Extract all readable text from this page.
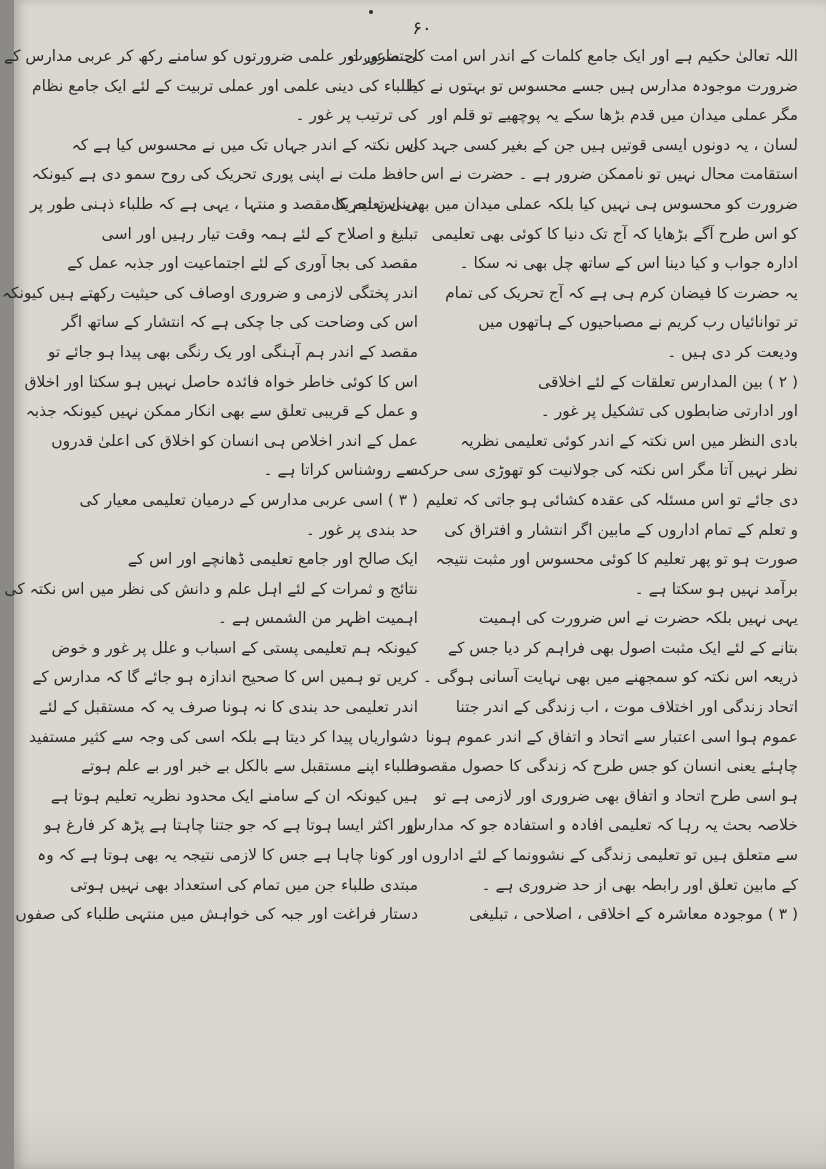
۶۰
اللہ تعالیٰ حکیم ہے اور ایک جامع کلمات کے اندر اس امت کی ضرورت
ضرورت موجودہ مدارس ہیں جسے محسوس تو بہتوں نے کیا
مگر عملی میدان میں قدم بڑھا سکے یہ پوچھیے تو قلم اور
لسان ، یہ دونوں ایسی قوتیں ہیں جن کے بغیر کسی جہد کی
استقامت محال نہیں تو ناممکن ضرور ہے ۔ حضرت نے اس
ضرورت کو محسوس ہی نہیں کیا بلکہ عملی میدان میں بھی اس تحریک
کو اس طرح آگے بڑھایا کہ آج تک دنیا کا کوئی بھی تعلیمی
ادارہ جواب و کیا دینا اس کے ساتھ چل بھی نہ سکا ۔
یہ حضرت کا فیضان کرم ہی ہے کہ آج تحریک کی تمام
تر توانائیاں رب کریم نے مصباحیوں کے ہاتھوں میں
ودیعت کر دی ہیں ۔
( ۲ ) بین المدارس تعلقات کے لئے اخلاقی
اور ادارتی ضابطوں کی تشکیل پر غور ۔
بادی النظر میں اس نکتہ کے اندر کوئی تعلیمی نظریہ
نظر نہیں آتا مگر اس نکتہ کی جولانیت کو تھوڑی سی حرکت
دی جائے تو اس مسئلہ کی عقدہ کشائی ہو جاتی کہ تعلیم
و تعلم کے تمام اداروں کے مابین اگر انتشار و افتراق کی
صورت ہو تو پھر تعلیم کا کوئی محسوس اور مثبت نتیجہ
برآمد نہیں ہو سکتا ہے ۔
یہی نہیں بلکہ حضرت نے اس ضرورت کی اہمیت
بتانے کے لئے ایک مثبت اصول بھی فراہم کر دیا جس کے
ذریعہ اس نکتہ کو سمجھنے میں بھی نہایت آسانی ہوگی ۔
اتحاد زندگی اور اختلاف موت ، اب زندگی کے اندر جتنا
عموم ہوا اسی اعتبار سے اتحاد و اتفاق کے اندر عموم ہونا
چاہئے یعنی انسان کو جس طرح کہ زندگی کا حصول مقصود
ہو اسی طرح اتحاد و اتفاق بھی ضروری اور لازمی ہے تو
خلاصہ بحث یہ رہا کہ تعلیمی افادہ و استفادہ جو کہ مدارس
سے متعلق ہیں تو تعلیمی زندگی کے نشوونما کے لئے اداروں
کے مابین تعلق اور رابطہ بھی از حد ضروری ہے ۔
( ۳ ) موجودہ معاشرہ کے اخلاقی ، اصلاحی ، تبلیغی
اجتماعی اور علمی ضرورتوں کو سامنے رکھ کر عربی مدارس کے
طلباء کی دینی علمی اور عملی تربیت کے لئے ایک جامع نظام
کی ترتیب پر غور ۔
اس نکتہ کے اندر جہاں تک میں نے محسوس کیا ہے کہ
حافظ ملت نے اپنی پوری تحریک کی روح سمو دی ہے کیونکہ
دینی تعلیم کا مقصد و منتہا ، یہی ہے کہ طلباء ذہنی طور پر
تبلیغ و اصلاح کے لئے ہمہ وقت تیار رہیں اور اسی
مقصد کی بجا آوری کے لئے اجتماعیت اور جذبہ عمل کے
اندر پختگی لازمی و ضروری اوصاف کی حیثیت رکھتے ہیں کیونکہ
اس کی وضاحت کی جا چکی ہے کہ انتشار کے ساتھ اگر
مقصد کے اندر ہم آہنگی اور یک رنگی بھی پیدا ہو جائے تو
اس کا کوئی خاطر خواہ فائدہ حاصل نہیں ہو سکتا اور اخلاق
و عمل کے قریبی تعلق سے بھی انکار ممکن نہیں کیونکہ جذبہ
عمل کے اندر اخلاص ہی انسان کو اخلاق کی اعلیٰ قدروں
سے روشناس کراتا ہے ۔
( ۳ ) اسی عربی مدارس کے درمیان تعلیمی معیار کی
حد بندی پر غور ۔
ایک صالح اور جامع تعلیمی ڈھانچے اور اس کے
نتائج و ثمرات کے لئے اہل علم و دانش کی نظر میں اس نکتہ کی
اہمیت اظہر من الشمس ہے ۔
کیونکہ ہم تعلیمی پستی کے اسباب و علل پر غور و خوض
کریں تو ہمیں اس کا صحیح اندازہ ہو جائے گا کہ مدارس کے
اندر تعلیمی حد بندی کا نہ ہونا صرف یہ کہ مستقبل کے لئے
دشواریاں پیدا کر دیتا ہے بلکہ اسی کی وجہ سے کثیر مستفید
طلباء اپنے مستقبل سے بالکل بے خبر اور بے علم ہوتے
ہیں کیونکہ ان کے سامنے ایک محدود نظریہ تعلیم ہوتا ہے
اور اکثر ایسا ہوتا ہے کہ جو جتنا چاہتا ہے پڑھ کر فارغ ہو
اور کونا چاہا ہے جس کا لازمی نتیجہ یہ بھی ہوتا ہے کہ وہ
مبتدی طلباء جن میں تمام کی استعداد بھی نہیں ہوتی
دستار فراغت اور جبہ کی خواہش میں منتہی طلباء کی صفوں
